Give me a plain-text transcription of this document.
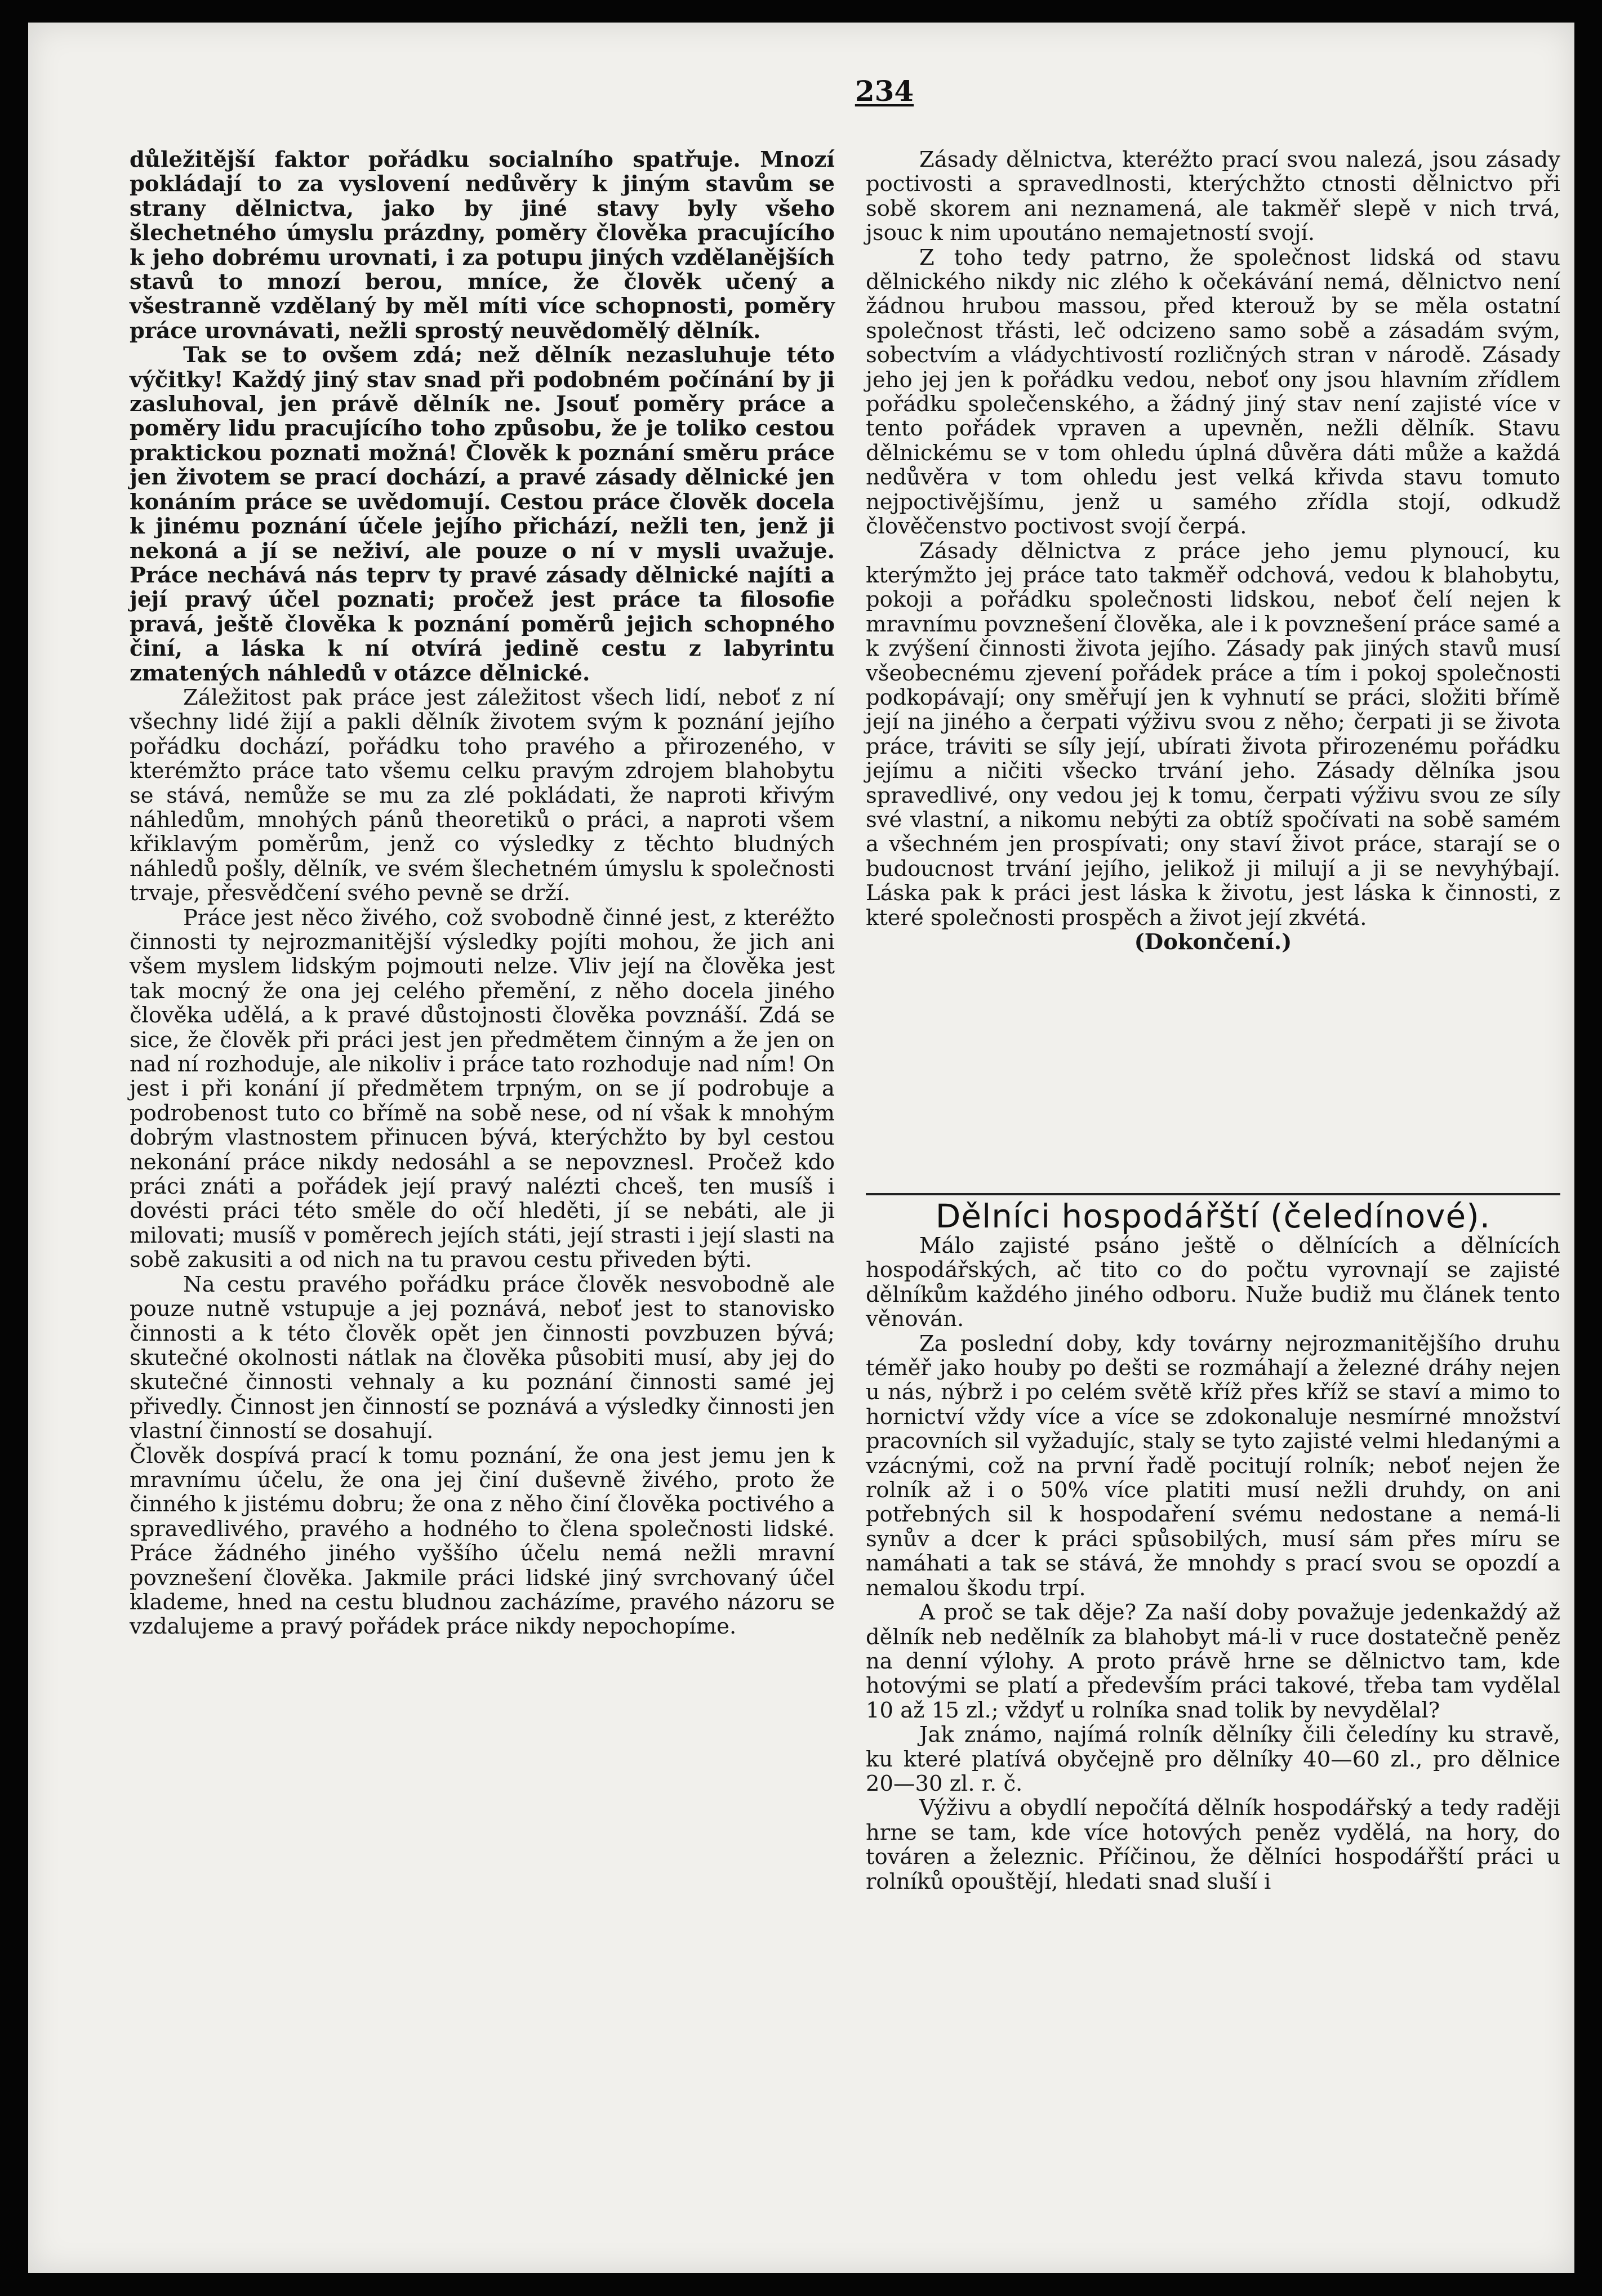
234

důležitější faktor pořádku socialního spatřuje. Mnozí pokládají to za vyslovení nedůvěry k jiným stavům se strany dělnictva, jako by jiné stavy byly všeho šlechetného úmyslu prázdny, poměry člověka pracujícího k jeho dobrému urovnati, i za potupu jiných vzdělanějších stavů to mnozí berou, mníce, že člověk učený a všestranně vzdělaný by měl míti více schopnosti, poměry práce urovnávati, nežli sprostý neuvědomělý dělník.

Tak se to ovšem zdá; než dělník nezasluhuje této výčitky! Každý jiný stav snad při podobném počínání by ji zasluhoval, jen právě dělník ne. Jsouť poměry práce a poměry lidu pracujícího toho způsobu, že je toliko cestou praktickou poznati možná! Člověk k poznání směru práce jen životem se prací dochází, a pravé zásady dělnické jen konáním práce se uvědomují. Cestou práce člověk docela k jinému poznání účele jejího přichází, nežli ten, jenž ji nekoná a jí se neživí, ale pouze o ní v mysli uvažuje. Práce nechává nás teprv ty pravé zásady dělnické najíti a její pravý účel poznati; pročež jest práce ta filosofie pravá, ještě člověka k poznání poměrů jejich schopného činí, a láska k ní otvírá jedině cestu z labyrintu zmatených náhledů v otázce dělnické.

Záležitost pak práce jest záležitost všech lidí, neboť z ní všechny lidé žijí a pakli dělník životem svým k poznání jejího pořádku dochází, pořádku toho pravého a přirozeného, v kterémžto práce tato všemu celku pravým zdrojem blahobytu se stává, nemůže se mu za zlé pokládati, že naproti křivým náhledům, mnohých pánů theoretiků o práci, a naproti všem křiklavým poměrům, jenž co výsledky z těchto bludných náhledů pošly, dělník, ve svém šlechetném úmyslu k společnosti trvaje, přesvědčení svého pevně se drží.

Práce jest něco živého, což svobodně činné jest, z kteréžto činnosti ty nejrozmanitější výsledky pojíti mohou, že jich ani všem myslem lidským pojmouti nelze. Vliv její na člověka jest tak mocný že ona jej celého přemění, z něho docela jiného člověka udělá, a k pravé důstojnosti člověka povznáší. Zdá se sice, že člověk při práci jest jen předmětem činným a že jen on nad ní rozhoduje, ale nikoliv i práce tato rozhoduje nad ním! On jest i při konání jí předmětem trpným, on se jí podrobuje a podrobenost tuto co břímě na sobě nese, od ní však k mnohým dobrým vlastnostem přinucen bývá, kterýchžto by byl cestou nekonání práce nikdy nedosáhl a se nepovznesl. Pročež kdo práci znáti a pořádek její pravý nalézti chceš, ten musíš i dovésti práci této směle do očí hleděti, jí se nebáti, ale ji milovati; musíš v poměrech jejích státi, její strasti i její slasti na sobě zakusiti a od nich na tu pravou cestu přiveden býti.

Na cestu pravého pořádku práce člověk nesvobodně ale pouze nutně vstupuje a jej poznává, neboť jest to stanovisko činnosti a k této člověk opět jen činnosti povzbuzen bývá; skutečné okolnosti nátlak na člověka působiti musí, aby jej do skutečné činnosti vehnaly a ku poznání činnosti samé jej přivedly. Činnost jen činností se poznává a výsledky činnosti jen vlastní činností se dosahují.

Člověk dospívá prací k tomu poznání, že ona jest jemu jen k mravnímu účelu, že ona jej činí duševně živého, proto že činného k jistému dobru; že ona z něho činí člověka poctivého a spravedlivého, pravého a hodného to člena společnosti lidské. Práce žádného jiného vyššího účelu nemá nežli mravní povznešení člověka. Jakmile práci lidské jiný svrchovaný účel klademe, hned na cestu bludnou zacházíme, pravého názoru se vzdalujeme a pravý pořádek práce nikdy nepochopíme.

Zásady dělnictva, kteréžto prací svou nalezá, jsou zásady poctivosti a spravedlnosti, kterýchžto ctnosti dělnictvo při sobě skorem ani neznamená, ale takměř slepě v nich trvá, jsouc k nim upoutáno nemajetností svojí.

Z toho tedy patrno, že společnost lidská od stavu dělnického nikdy nic zlého k očekávání nemá, dělnictvo není žádnou hrubou massou, před kterouž by se měla ostatní společnost třásti, leč odcizeno samo sobě a zásadám svým, sobectvím a vládychtivostí rozličných stran v národě. Zásady jeho jej jen k pořádku vedou, neboť ony jsou hlavním zřídlem pořádku společenského, a žádný jiný stav není zajisté více v tento pořádek vpraven a upevněn, nežli dělník. Stavu dělnickému se v tom ohledu úplná důvěra dáti může a každá nedůvěra v tom ohledu jest velká křivda stavu tomuto nejpoctivějšímu, jenž u samého zřídla stojí, odkudž člověčenstvo poctivost svojí čerpá.

Zásady dělnictva z práce jeho jemu plynoucí, ku kterýmžto jej práce tato takměř odchová, vedou k blahobytu, pokoji a pořádku společnosti lidskou, neboť čelí nejen k mravnímu povznešení člověka, ale i k povznešení práce samé a k zvýšení činnosti života jejího. Zásady pak jiných stavů musí všeobecnému zjevení pořádek práce a tím i pokoj společnosti podkopávají; ony směřují jen k vyhnutí se práci, složiti břímě její na jiného a čerpati výživu svou z něho; čerpati ji se života práce, tráviti se síly její, ubírati života přirozenému pořádku jejímu a ničiti všecko trvání jeho. Zásady dělníka jsou spravedlivé, ony vedou jej k tomu, čerpati výživu svou ze síly své vlastní, a nikomu nebýti za obtíž spočívati na sobě samém a všechném jen prospívati; ony staví život práce, starají se o budoucnost trvání jejího, jelikož ji milují a ji se nevyhýbají. Láska pak k práci jest láska k životu, jest láska k činnosti, z které společnosti prospěch a život její zkvétá.

(Dokončení.)

Dělníci hospodářští (čeledínové).

Málo zajisté psáno ještě o dělnících a dělnících hospodářských, ač tito co do počtu vyrovnají se zajisté dělníkům každého jiného odboru. Nuže budiž mu článek tento věnován.

Za poslední doby, kdy továrny nejrozmanitějšího druhu téměř jako houby po dešti se rozmáhají a železné dráhy nejen u nás, nýbrž i po celém světě kříž přes kříž se staví a mimo to hornictví vždy více a více se zdokonaluje nesmírné množství pracovních sil vyžadujíc, staly se tyto zajisté velmi hledanými a vzácnými, což na první řadě pocitují rolník; neboť nejen že rolník až i o 50% více platiti musí nežli druhdy, on ani potřebných sil k hospodaření svému nedostane a nemá-li synův a dcer k práci spůsobilých, musí sám přes míru se namáhati a tak se stává, že mnohdy s prací svou se opozdí a nemalou škodu trpí.

A proč se tak děje? Za naší doby považuje jedenkaždý až dělník neb nedělník za blahobyt má-li v ruce dostatečně peněz na denní výlohy. A proto právě hrne se dělnictvo tam, kde hotovými se platí a především práci takové, třeba tam vydělal 10 až 15 zl.; vždyť u rolníka snad tolik by nevydělal?

Jak známo, najímá rolník dělníky čili čeledíny ku stravě, ku které platívá obyčejně pro dělníky 40—60 zl., pro dělnice 20—30 zl. r. č.

Výživu a obydlí nepočítá dělník hospodářský a tedy raději hrne se tam, kde více hotových peněz vydělá, na hory, do továren a železnic. Příčinou, že dělníci hospodářští práci u rolníků opouštějí, hledati snad sluší i
